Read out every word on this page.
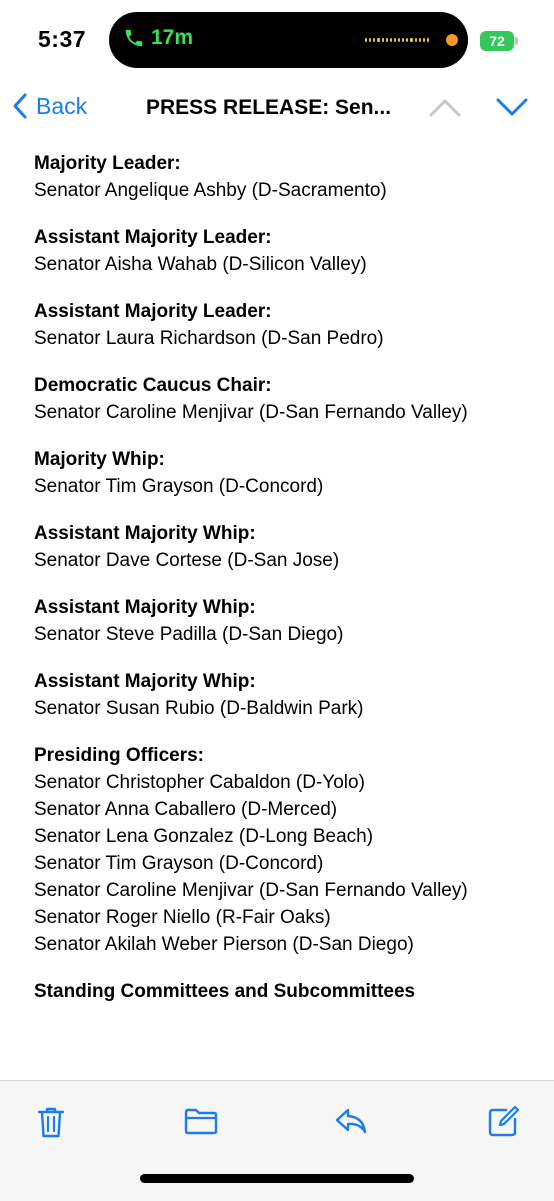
5:37	17m	72
Back	PRESS RELEASE: Sen...
Majority Leader:
Senator Angelique Ashby (D-Sacramento)
Assistant Majority Leader:
Senator Aisha Wahab (D-Silicon Valley)
Assistant Majority Leader:
Senator Laura Richardson (D-San Pedro)
Democratic Caucus Chair:
Senator Caroline Menjivar (D-San Fernando Valley)
Majority Whip:
Senator Tim Grayson (D-Concord)
Assistant Majority Whip:
Senator Dave Cortese (D-San Jose)
Assistant Majority Whip:
Senator Steve Padilla (D-San Diego)
Assistant Majority Whip:
Senator Susan Rubio (D-Baldwin Park)
Presiding Officers:
Senator Christopher Cabaldon (D-Yolo)
Senator Anna Caballero (D-Merced)
Senator Lena Gonzalez (D-Long Beach)
Senator Tim Grayson (D-Concord)
Senator Caroline Menjivar (D-San Fernando Valley)
Senator Roger Niello (R-Fair Oaks)
Senator Akilah Weber Pierson (D-San Diego)
Standing Committees and Subcommittees
